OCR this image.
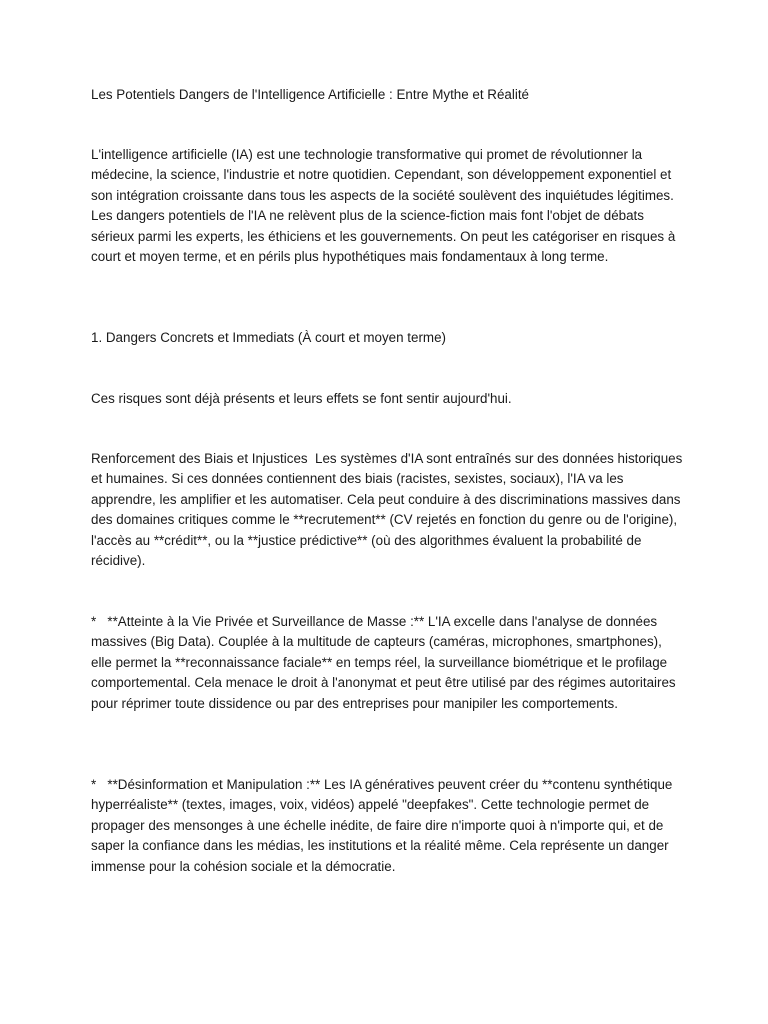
Les Potentiels Dangers de l'Intelligence Artificielle : Entre Mythe et Réalité

L'intelligence artificielle (IA) est une technologie transformative qui promet de révolutionner la médecine, la science, l'industrie et notre quotidien. Cependant, son développement exponentiel et son intégration croissante dans tous les aspects de la société soulèvent des inquiétudes légitimes. Les dangers potentiels de l'IA ne relèvent plus de la science-fiction mais font l'objet de débats sérieux parmi les experts, les éthiciens et les gouvernements. On peut les catégoriser en risques à court et moyen terme, et en périls plus hypothétiques mais fondamentaux à long terme.

1. Dangers Concrets et Immediats (À court et moyen terme)

Ces risques sont déjà présents et leurs effets se font sentir aujourd'hui.

Renforcement des Biais et Injustices  Les systèmes d'IA sont entraînés sur des données historiques et humaines. Si ces données contiennent des biais (racistes, sexistes, sociaux), l'IA va les apprendre, les amplifier et les automatiser. Cela peut conduire à des discriminations massives dans des domaines critiques comme le **recrutement** (CV rejetés en fonction du genre ou de l'origine), l'accès au **crédit**, ou la **justice prédictive** (où des algorithmes évaluent la probabilité de récidive).

*   **Atteinte à la Vie Privée et Surveillance de Masse :** L'IA excelle dans l'analyse de données massives (Big Data). Couplée à la multitude de capteurs (caméras, microphones, smartphones), elle permet la **reconnaissance faciale** en temps réel, la surveillance biométrique et le profilage comportemental. Cela menace le droit à l'anonymat et peut être utilisé par des régimes autoritaires pour réprimer toute dissidence ou par des entreprises pour manipiler les comportements.

*   **Désinformation et Manipulation :** Les IA génératives peuvent créer du **contenu synthétique hyperréaliste** (textes, images, voix, vidéos) appelé "deepfakes". Cette technologie permet de propager des mensonges à une échelle inédite, de faire dire n'importe quoi à n'importe qui, et de saper la confiance dans les médias, les institutions et la réalité même. Cela représente un danger immense pour la cohésion sociale et la démocratie.
